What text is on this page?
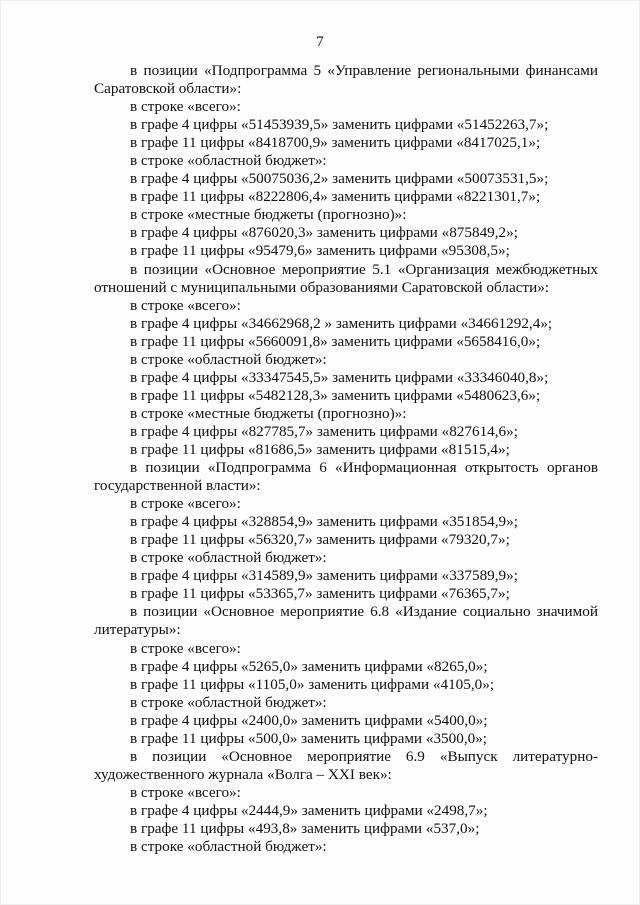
7
в позиции «Подпрограмма 5 «Управление региональными финансами
Саратовской области»:
в строке «всего»:
в графе 4 цифры «51453939,5» заменить цифрами «51452263,7»;
в графе 11 цифры «8418700,9» заменить цифрами «8417025,1»;
в строке «областной бюджет»:
в графе 4 цифры «50075036,2» заменить цифрами «50073531,5»;
в графе 11 цифры «8222806,4» заменить цифрами «8221301,7»;
в строке «местные бюджеты (прогнозно)»:
в графе 4 цифры «876020,3» заменить цифрами «875849,2»;
в графе 11 цифры «95479,6» заменить цифрами «95308,5»;
в позиции «Основное мероприятие 5.1 «Организация межбюджетных
отношений с муниципальными образованиями Саратовской области»:
в строке «всего»:
в графе 4 цифры «34662968,2 » заменить цифрами «34661292,4»;
в графе 11 цифры «5660091,8» заменить цифрами «5658416,0»;
в строке «областной бюджет»:
в графе 4 цифры «33347545,5» заменить цифрами «33346040,8»;
в графе 11 цифры «5482128,3» заменить цифрами «5480623,6»;
в строке «местные бюджеты (прогнозно)»:
в графе 4 цифры «827785,7» заменить цифрами «827614,6»;
в графе 11 цифры «81686,5» заменить цифрами «81515,4»;
в позиции «Подпрограмма 6 «Информационная открытость органов
государственной власти»:
в строке «всего»:
в графе 4 цифры «328854,9» заменить цифрами «351854,9»;
в графе 11 цифры «56320,7» заменить цифрами «79320,7»;
в строке «областной бюджет»:
в графе 4 цифры «314589,9» заменить цифрами «337589,9»;
в графе 11 цифры «53365,7» заменить цифрами «76365,7»;
в позиции «Основное мероприятие 6.8 «Издание социально значимой
литературы»:
в строке «всего»:
в графе 4 цифры «5265,0» заменить цифрами «8265,0»;
в графе 11 цифры «1105,0» заменить цифрами «4105,0»;
в строке «областной бюджет»:
в графе 4 цифры «2400,0» заменить цифрами «5400,0»;
в графе 11 цифры «500,0» заменить цифрами «3500,0»;
в позиции «Основное мероприятие 6.9 «Выпуск литературно-
художественного журнала «Волга – XXI век»:
в строке «всего»:
в графе 4 цифры «2444,9» заменить цифрами «2498,7»;
в графе 11 цифры «493,8» заменить цифрами «537,0»;
в строке «областной бюджет»:
